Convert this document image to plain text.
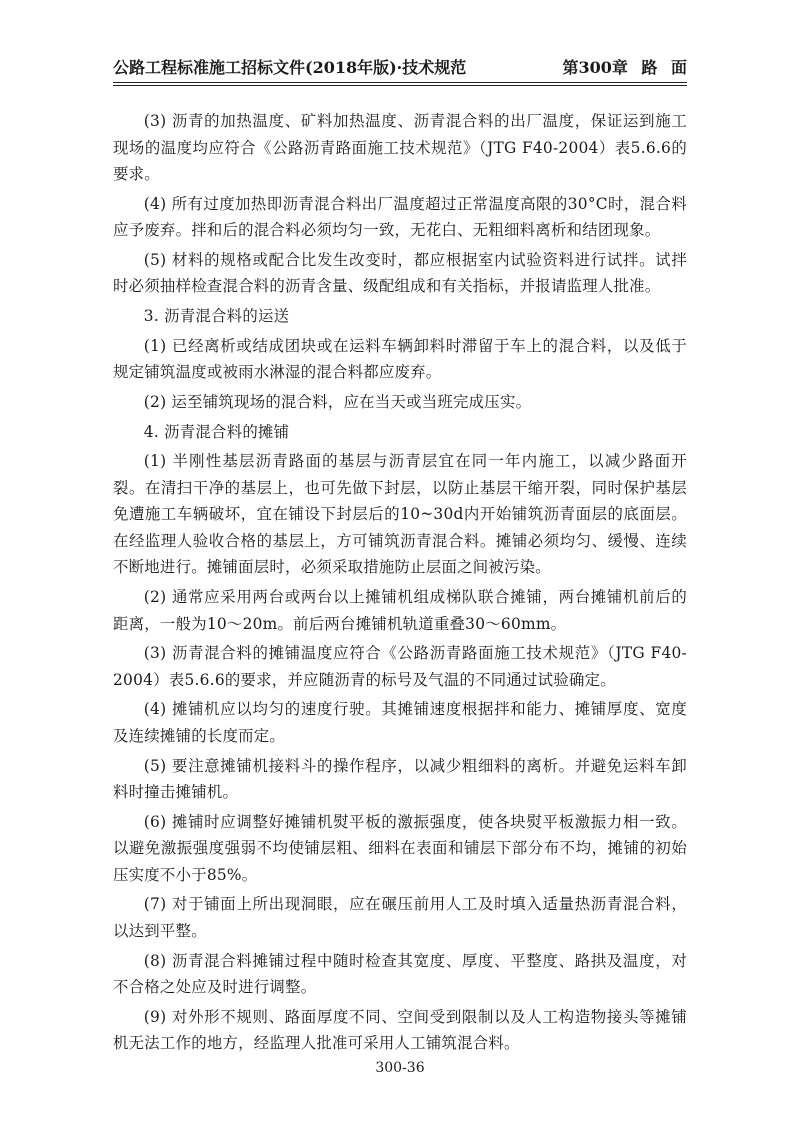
公路工程标准施工招标文件(2018年版)·技术规范	第300章 路 面

(3) 沥青的加热温度、矿料加热温度、沥青混合料的出厂温度，保证运到施工现场的温度均应符合《公路沥青路面施工技术规范》（JTG F40-2004）表5.6.6的要求。

(4) 所有过度加热即沥青混合料出厂温度超过正常温度高限的30°C时，混合料应予废弃。拌和后的混合料必须均匀一致，无花白、无粗细料离析和结团现象。

(5) 材料的规格或配合比发生改变时，都应根据室内试验资料进行试拌。试拌时必须抽样检查混合料的沥青含量、级配组成和有关指标，并报请监理人批准。

3. 沥青混合料的运送

(1) 已经离析或结成团块或在运料车辆卸料时滞留于车上的混合料，以及低于规定铺筑温度或被雨水淋湿的混合料都应废弃。

(2) 运至铺筑现场的混合料，应在当天或当班完成压实。

4. 沥青混合料的摊铺

(1) 半刚性基层沥青路面的基层与沥青层宜在同一年内施工，以减少路面开裂。在清扫干净的基层上，也可先做下封层，以防止基层干缩开裂，同时保护基层免遭施工车辆破坏，宜在铺设下封层后的10~30d内开始铺筑沥青面层的底面层。在经监理人验收合格的基层上，方可铺筑沥青混合料。摊铺必须均匀、缓慢、连续不断地进行。摊铺面层时，必须采取措施防止层面之间被污染。

(2) 通常应采用两台或两台以上摊铺机组成梯队联合摊铺，两台摊铺机前后的距离，一般为10～20m。前后两台摊铺机轨道重叠30～60mm。

(3) 沥青混合料的摊铺温度应符合《公路沥青路面施工技术规范》（JTG F40-2004）表5.6.6的要求，并应随沥青的标号及气温的不同通过试验确定。

(4) 摊铺机应以均匀的速度行驶。其摊铺速度根据拌和能力、摊铺厚度、宽度及连续摊铺的长度而定。

(5) 要注意摊铺机接料斗的操作程序，以减少粗细料的离析。并避免运料车卸料时撞击摊铺机。

(6) 摊铺时应调整好摊铺机熨平板的激振强度，使各块熨平板激振力相一致。以避免激振强度强弱不均使铺层粗、细料在表面和铺层下部分布不均，摊铺的初始压实度不小于85%。

(7) 对于铺面上所出现洞眼，应在碾压前用人工及时填入适量热沥青混合料，以达到平整。

(8) 沥青混合料摊铺过程中随时检查其宽度、厚度、平整度、路拱及温度，对不合格之处应及时进行调整。

(9) 对外形不规则、路面厚度不同、空间受到限制以及人工构造物接头等摊铺机无法工作的地方，经监理人批准可采用人工铺筑混合料。

300-36
